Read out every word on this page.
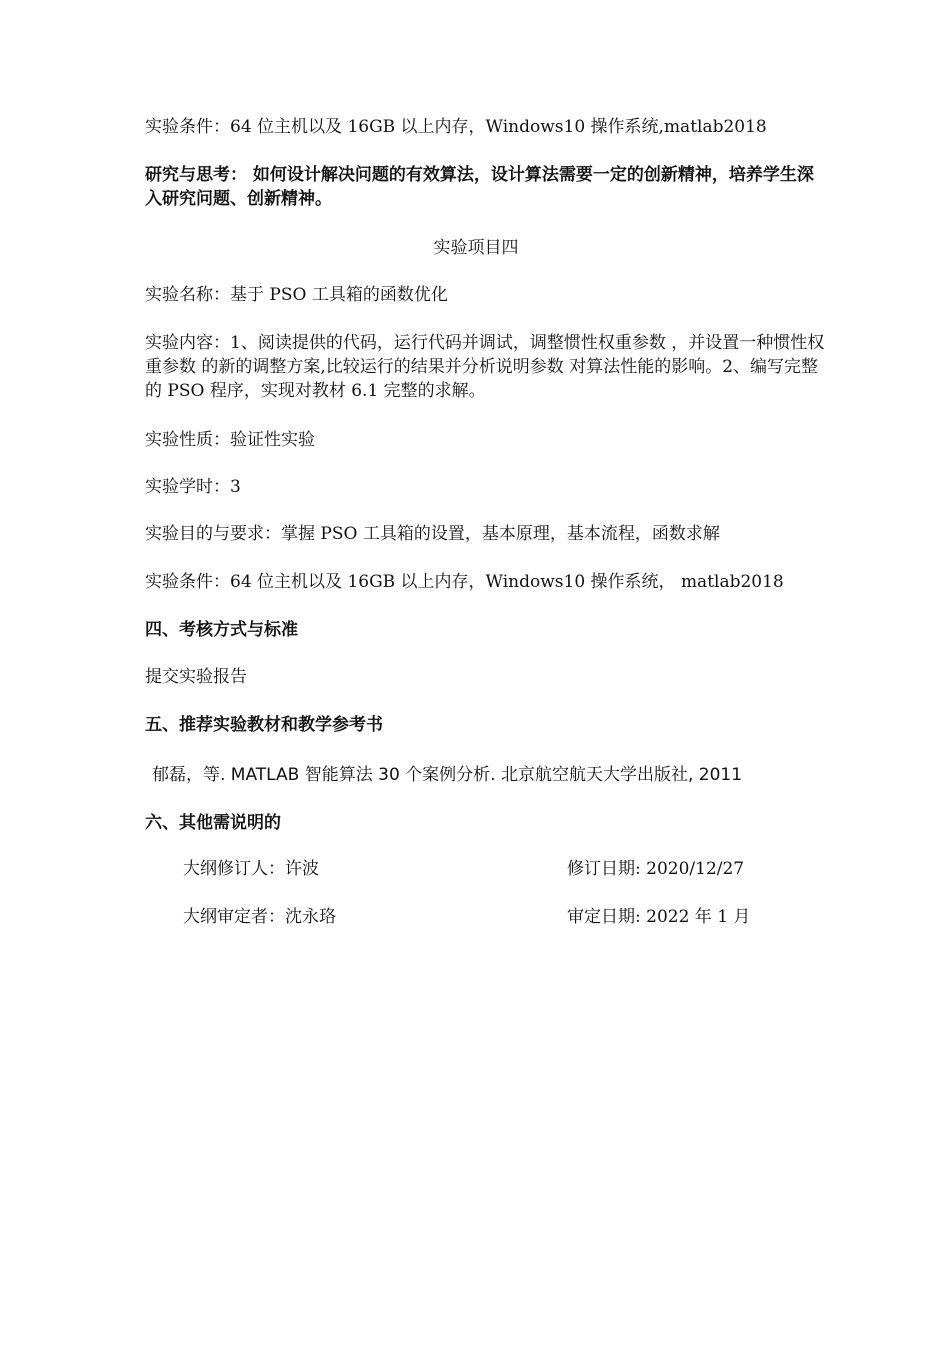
实验条件：64 位主机以及 16GB 以上内存，Windows10 操作系统,matlab2018
研究与思考： 如何设计解决问题的有效算法，设计算法需要一定的创新精神，培养学生深入研究问题、创新精神。
实验项目四
实验名称：基于 PSO 工具箱的函数优化
实验内容：1、阅读提供的代码，运行代码并调试，调整惯性权重参数 ，并设置一种惯性权重参数 的新的调整方案,比较运行的结果并分析说明参数 对算法性能的影响。2、编写完整的 PSO 程序，实现对教材 6.1 完整的求解。
实验性质：验证性实验
实验学时：3
实验目的与要求：掌握 PSO 工具箱的设置，基本原理，基本流程，函数求解
实验条件：64 位主机以及 16GB 以上内存，Windows10 操作系统， matlab2018
四、考核方式与标准
提交实验报告
五、推荐实验教材和教学参考书
郁磊，等. MATLAB 智能算法 30 个案例分析. 北京航空航天大学出版社, 2011
六、其他需说明的
大纲修订人：许波	修订日期: 2020/12/27
大纲审定者：沈永珞	审定日期: 2022 年 1 月
